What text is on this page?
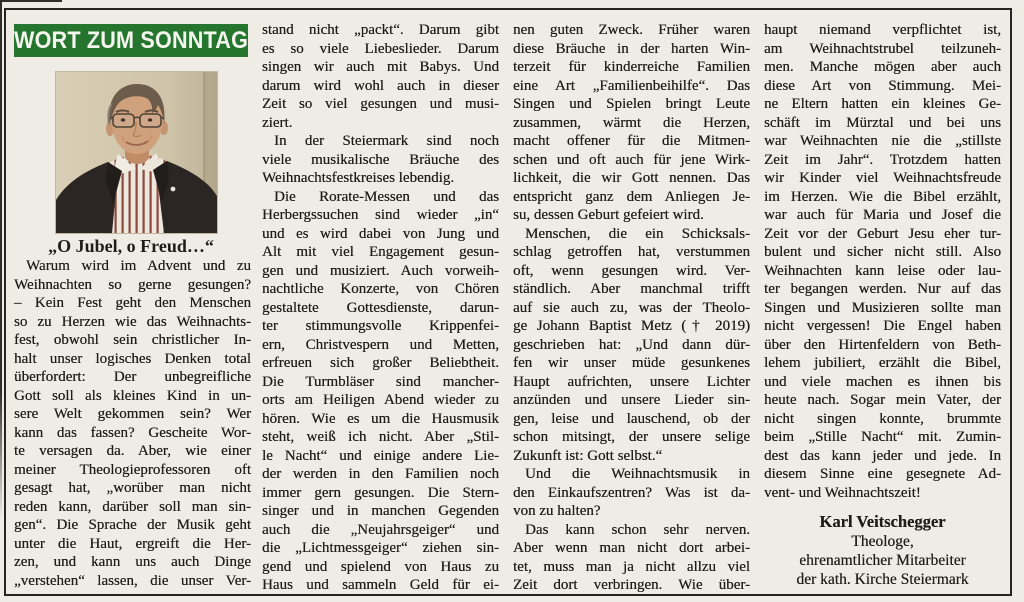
WORT ZUM SONNTAG
„O Jubel, o Freud…“
Warum wird im Advent und zu
Weihnachten so gerne gesungen?
– Kein Fest geht den Menschen
so zu Herzen wie das Weihnachts-
fest, obwohl sein christlicher In-
halt unser logisches Denken total
überfordert: Der unbegreifliche
Gott soll als kleines Kind in un-
sere Welt gekommen sein? Wer
kann das fassen? Gescheite Wor-
te versagen da. Aber, wie einer
meiner Theologieprofessoren oft
gesagt hat, „worüber man nicht
reden kann, darüber soll man sin-
gen“. Die Sprache der Musik geht
unter die Haut, ergreift die Her-
zen, und kann uns auch Dinge
„verstehen“ lassen, die unser Ver-
stand nicht „packt“. Darum gibt
es so viele Liebeslieder. Darum
singen wir auch mit Babys. Und
darum wird wohl auch in dieser
Zeit so viel gesungen und musi-
ziert.
In der Steiermark sind noch
viele musikalische Bräuche des
Weihnachtsfestkreises lebendig.
Die Rorate-Messen und das
Herbergssuchen sind wieder „in“
und es wird dabei von Jung und
Alt mit viel Engagement gesun-
gen und musiziert. Auch vorweih-
nachtliche Konzerte, von Chören
gestaltete Gottesdienste, darun-
ter stimmungsvolle Krippenfei-
ern, Christvespern und Metten,
erfreuen sich großer Beliebtheit.
Die Turmbläser sind mancher-
orts am Heiligen Abend wieder zu
hören. Wie es um die Hausmusik
steht, weiß ich nicht. Aber „Stil-
le Nacht“ und einige andere Lie-
der werden in den Familien noch
immer gern gesungen. Die Stern-
singer und in manchen Gegenden
auch die „Neujahrsgeiger“ und
die „Lichtmessgeiger“ ziehen sin-
gend und spielend von Haus zu
Haus und sammeln Geld für ei-
nen guten Zweck. Früher waren
diese Bräuche in der harten Win-
terzeit für kinderreiche Familien
eine Art „Familienbeihilfe“. Das
Singen und Spielen bringt Leute
zusammen, wärmt die Herzen,
macht offener für die Mitmen-
schen und oft auch für jene Wirk-
lichkeit, die wir Gott nennen. Das
entspricht ganz dem Anliegen Je-
su, dessen Geburt gefeiert wird.
Menschen, die ein Schicksals-
schlag getroffen hat, verstummen
oft, wenn gesungen wird. Ver-
ständlich. Aber manchmal trifft
auf sie auch zu, was der Theolo-
ge Johann Baptist Metz († 2019)
geschrieben hat: „Und dann dür-
fen wir unser müde gesunkenes
Haupt aufrichten, unsere Lichter
anzünden und unsere Lieder sin-
gen, leise und lauschend, ob der
schon mitsingt, der unsere selige
Zukunft ist: Gott selbst.“
Und die Weihnachtsmusik in
den Einkaufszentren? Was ist da-
von zu halten?
Das kann schon sehr nerven.
Aber wenn man nicht dort arbei-
tet, muss man ja nicht allzu viel
Zeit dort verbringen. Wie über-
haupt niemand verpflichtet ist,
am Weihnachtstrubel teilzuneh-
men. Manche mögen aber auch
diese Art von Stimmung. Mei-
ne Eltern hatten ein kleines Ge-
schäft im Mürztal und bei uns
war Weihnachten nie die „stillste
Zeit im Jahr“. Trotzdem hatten
wir Kinder viel Weihnachtsfreude
im Herzen. Wie die Bibel erzählt,
war auch für Maria und Josef die
Zeit vor der Geburt Jesu eher tur-
bulent und sicher nicht still. Also
Weihnachten kann leise oder lau-
ter begangen werden. Nur auf das
Singen und Musizieren sollte man
nicht vergessen! Die Engel haben
über den Hirtenfeldern von Beth-
lehem jubiliert, erzählt die Bibel,
und viele machen es ihnen bis
heute nach. Sogar mein Vater, der
nicht singen konnte, brummte
beim „Stille Nacht“ mit. Zumin-
dest das kann jeder und jede. In
diesem Sinne eine gesegnete Ad-
vent- und Weihnachtszeit!
Karl Veitschegger
Theologe,
ehrenamtlicher Mitarbeiter
der kath. Kirche Steiermark
